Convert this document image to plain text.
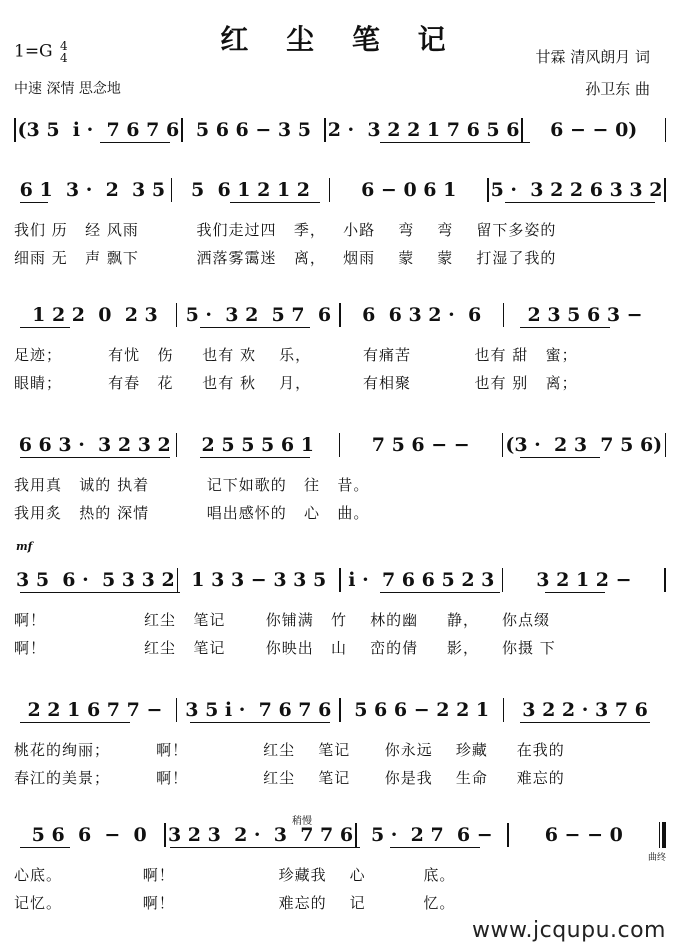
红 尘 笔 记
1=G 4
4
中速 深情 思念地
甘霖 清风朗月 词
孙卫东 曲
(3 5  i ·  7 6 7 6 5 6 6 − 3 5 2 ·  3 2 2 1 7 6 5 6	6 − − 0)
6 1  3 ·  2  3 5	5  6 1 2 1 2	6 − 0 6 1	5 ·  3 2 2 6 3 3 2
我们 历   经 风雨          我们走过四   季，   小路    弯    弯    留下多姿的
细雨 无   声 飘下          洒落雾霭迷   离，   烟雨    蒙    蒙    打湿了我的
1 2 2  0  2 3	5 ·  3 2  5 7  6	6  6 3 2 ·  6	2 3 5 6 3 −
足迹；        有忧   伤     也有 欢    乐，         有痛苦           也有 甜   蜜；
眼睛；        有春   花     也有 秋    月，         有相聚           也有 别   离；
6 6 3 ·  3 2 3 2	2 5 5 5 6 1	7 5 6 − −	(3 ·  2 3  7 5 6)
我用真   诚的 执着          记下如歌的   往   昔。
我用炙   热的 深情          唱出感怀的   心   曲。
mf
3 5  6 ·  5 3 3 2 1 3 3 − 3 3 5	i ·  7 6 6 5 2 3	3 2 1 2 −
啊！                 红尘   笔记       你铺满   竹    林的幽     静，    你点缀
啊！                 红尘   笔记       你映出   山    峦的倩     影，    你摄 下
2 2 1 6 7 7 −	3 5 i ·  7 6 7 6	5 6 6 − 2 2 1	3 2 2 · 3 7 6
桃花的绚丽；        啊！             红尘    笔记      你永远    珍藏     在我的
春江的美景；        啊！             红尘    笔记      你是我    生命     难忘的
稍慢
5 6  6  −  0	3 2 3  2 ·  3  7 7 6 5 ·  2 7  6 −	6 − − 0
曲终
心底。              啊！                  珍藏我    心          底。
记忆。              啊！                  难忘的    记          忆。
www.jcqupu.com
